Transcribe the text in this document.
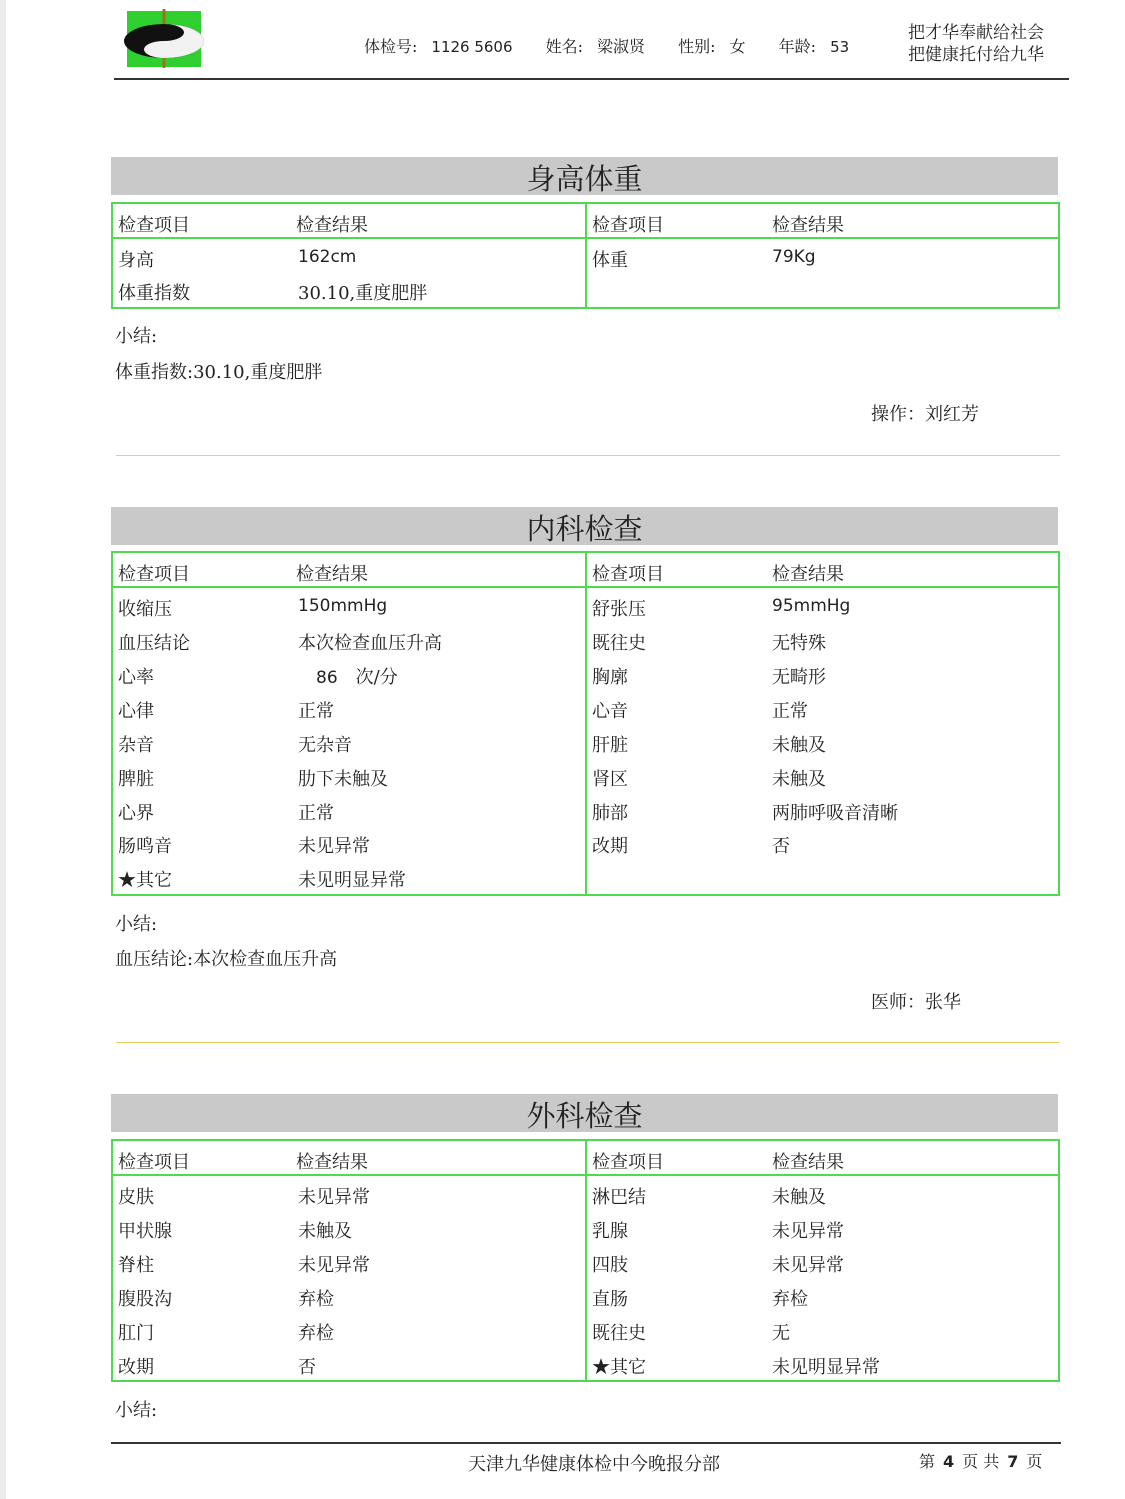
体检号: 1126 5606 姓名: 梁淑贤 性别: 女 年龄: 53
把才华奉献给社会
把健康托付给九华
身高体重
检查项目	检查结果
身高	162cm
体重指数	30.10,重度肥胖
检查项目	检查结果
体重	79Kg
小结:
体重指数:30.10,重度肥胖
操作：刘红芳
内科检查
检查项目	检查结果
收缩压	150mmHg
血压结论	本次检查血压升高
心率	86 次/分
心律	正常
杂音	无杂音
脾脏	肋下未触及
心界	正常
肠鸣音	未见异常
★其它	未见明显异常
检查项目	检查结果
舒张压	95mmHg
既往史	无特殊
胸廓	无畸形
心音	正常
肝脏	未触及
肾区	未触及
肺部	两肺呼吸音清晰
改期	否
小结:
血压结论:本次检查血压升高
医师：张华
外科检查
检查项目	检查结果
皮肤	未见异常
甲状腺	未触及
脊柱	未见异常
腹股沟	弃检
肛门	弃检
改期	否
检查项目	检查结果
淋巴结	未触及
乳腺	未见异常
四肢	未见异常
直肠	弃检
既往史	无
★其它	未见明显异常
小结:
天津九华健康体检中今晚报分部	第 4 页 共 7 页
